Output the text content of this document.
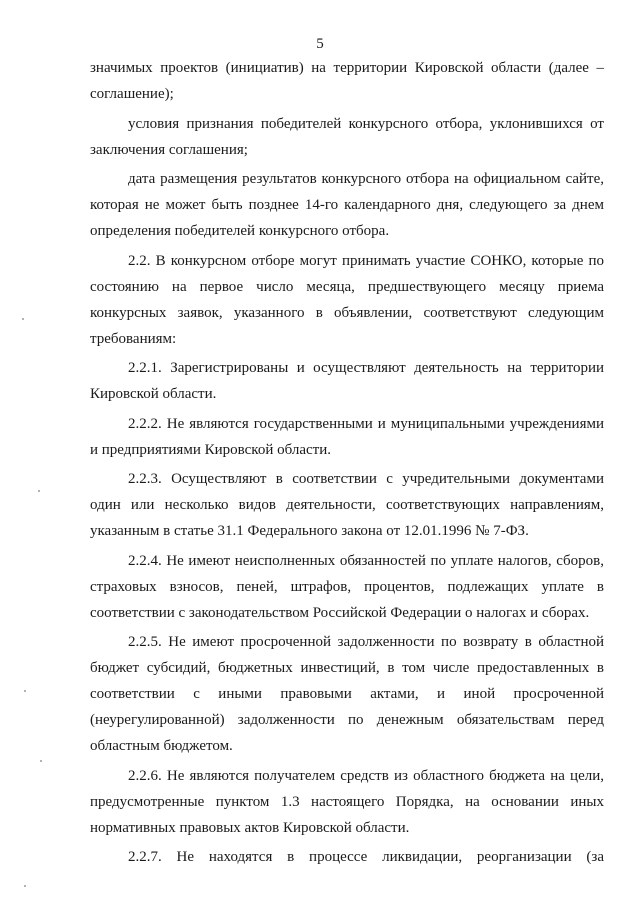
5

значимых проектов (инициатив) на территории Кировской области (далее – соглашение);

условия признания победителей конкурсного отбора, уклонившихся от заключения соглашения;

дата размещения результатов конкурсного отбора на официальном сайте, которая не может быть позднее 14-го календарного дня, следующего за днем определения победителей конкурсного отбора.

2.2. В конкурсном отборе могут принимать участие СОНКО, которые по состоянию на первое число месяца, предшествующего месяцу приема конкурсных заявок, указанного в объявлении, соответствуют следующим требованиям:

2.2.1. Зарегистрированы и осуществляют деятельность на территории Кировской области.

2.2.2. Не являются государственными и муниципальными учреждениями и предприятиями Кировской области.

2.2.3. Осуществляют в соответствии с учредительными документами один или несколько видов деятельности, соответствующих направлениям, указанным в статье 31.1 Федерального закона от 12.01.1996 № 7-ФЗ.

2.2.4. Не имеют неисполненных обязанностей по уплате налогов, сборов, страховых взносов, пеней, штрафов, процентов, подлежащих уплате в соответствии с законодательством Российской Федерации о налогах и сборах.

2.2.5. Не имеют просроченной задолженности по возврату в областной бюджет субсидий, бюджетных инвестиций, в том числе предоставленных в соответствии с иными правовыми актами, и иной просроченной (неурегулированной) задолженности по денежным обязательствам перед областным бюджетом.

2.2.6. Не являются получателем средств из областного бюджета на цели, предусмотренные пунктом 1.3 настоящего Порядка, на основании иных нормативных правовых актов Кировской области.

2.2.7. Не находятся в процессе ликвидации, реорганизации (за
